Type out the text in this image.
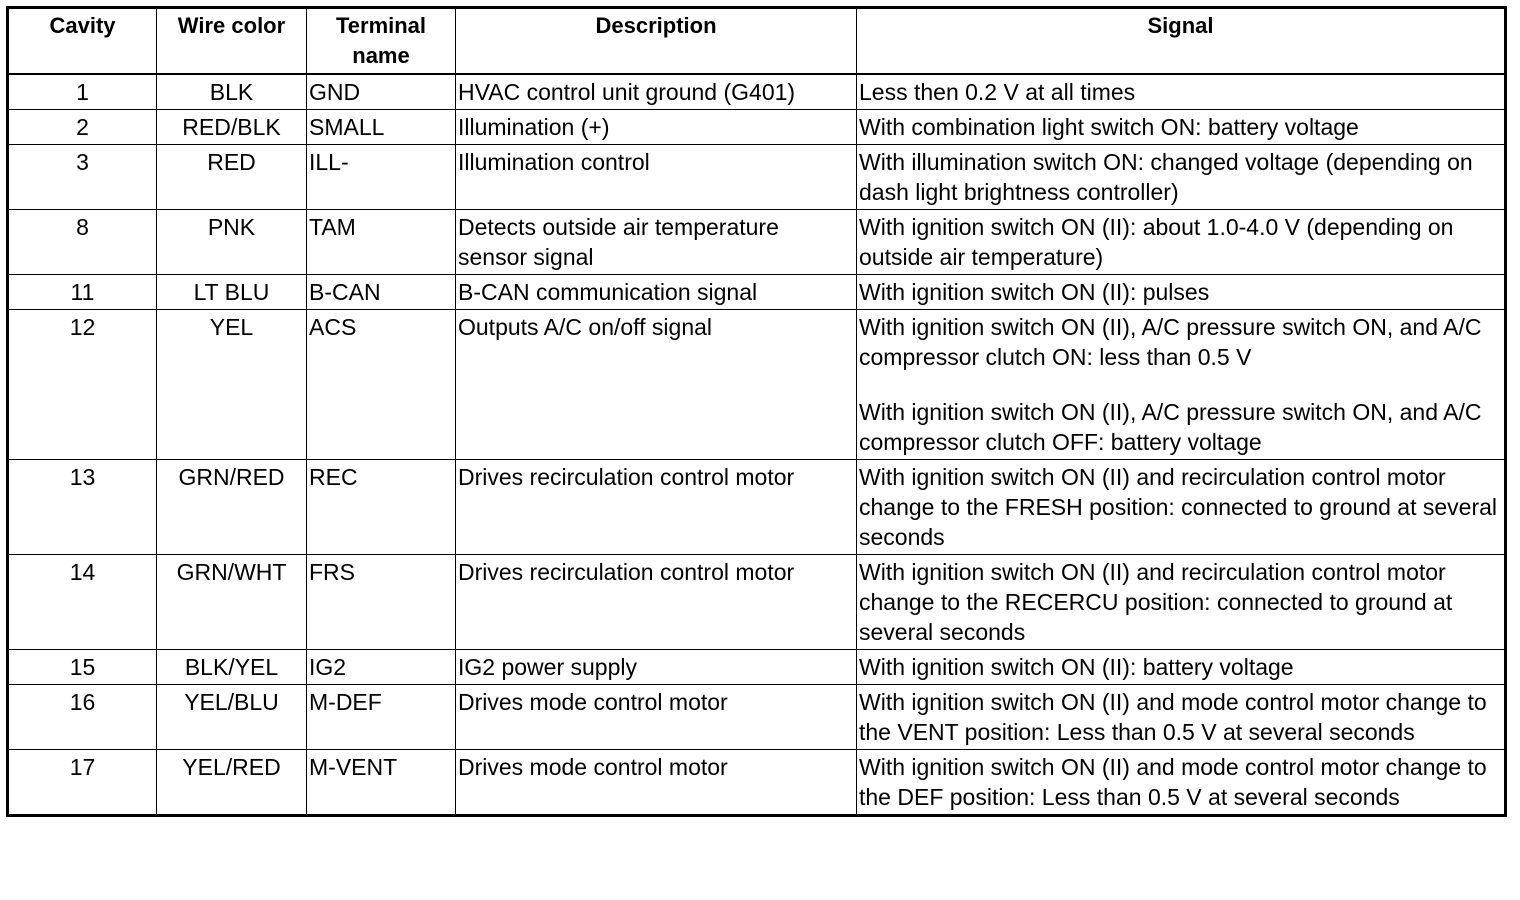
Cavity	Wire color	Terminal name	Description	Signal
1	BLK	GND	HVAC control unit ground (G401)	Less then 0.2 V at all times

2	RED/BLK	SMALL	Illumination (+)	With combination light switch ON: battery voltage

3	RED	ILL-	Illumination control	With illumination switch ON: changed voltage (depending on dash light brightness controller)

8	PNK	TAM	Detects outside air temperature sensor signal	With ignition switch ON (II): about 1.0-4.0 V (depending on outside air temperature)

11	LT BLU	B-CAN	B-CAN communication signal	With ignition switch ON (II): pulses

12	YEL	ACS	Outputs A/C on/off signal	With ignition switch ON (II), A/C pressure switch ON, and A/C compressor clutch ON: less than 0.5 V
With ignition switch ON (II), A/C pressure switch ON, and A/C compressor clutch OFF: battery voltage

13	GRN/RED	REC	Drives recirculation control motor	With ignition switch ON (II) and recirculation control motor change to the FRESH position: connected to ground at several seconds

14	GRN/WHT	FRS	Drives recirculation control motor	With ignition switch ON (II) and recirculation control motor change to the RECERCU position: connected to ground at several seconds

15	BLK/YEL	IG2	IG2 power supply	With ignition switch ON (II): battery voltage

16	YEL/BLU	M-DEF	Drives mode control motor	With ignition switch ON (II) and mode control motor change to the VENT position: Less than 0.5 V at several seconds

17	YEL/RED	M-VENT	Drives mode control motor	With ignition switch ON (II) and mode control motor change to the DEF position: Less than 0.5 V at several seconds
